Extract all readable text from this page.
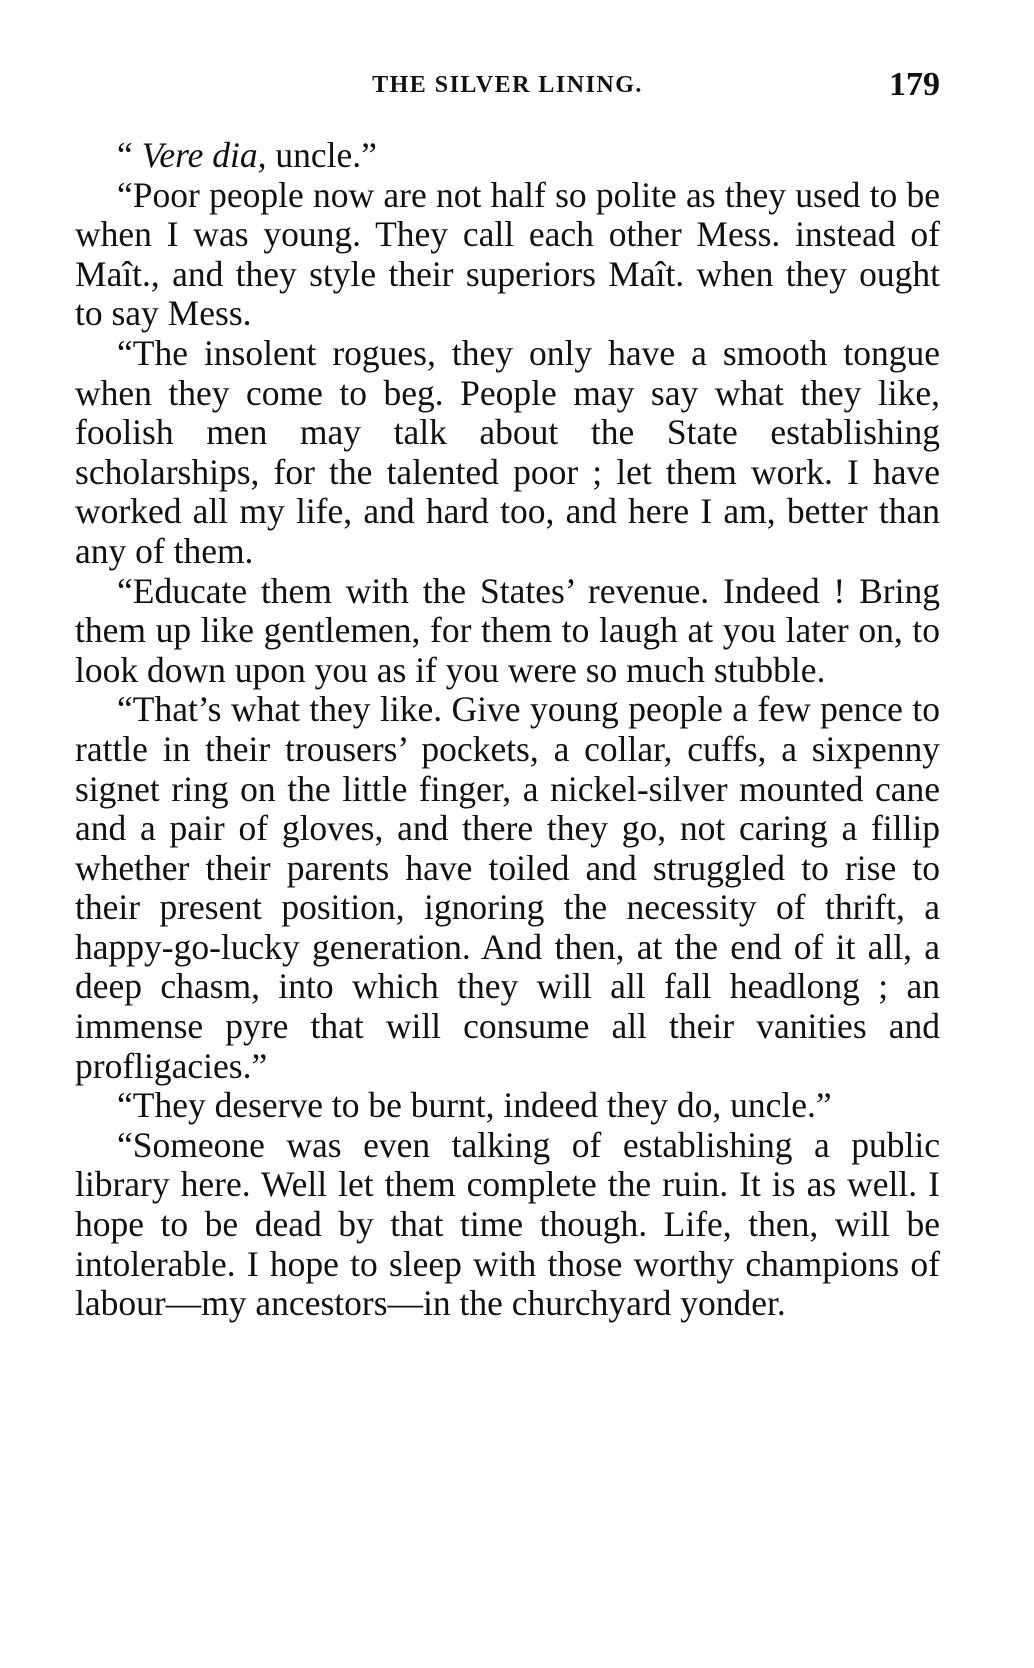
THE SILVER LINING.	179

“ Vere dia, uncle.”

“Poor people now are not half so polite as they used to be when I was young. They call each other Mess. instead of Maît., and they style their superiors Maît. when they ought to say Mess.

“The insolent rogues, they only have a smooth tongue when they come to beg. People may say what they like, foolish men may talk about the State establishing scholarships, for the talented poor ; let them work. I have worked all my life, and hard too, and here I am, better than any of them.

“Educate them with the States’ revenue. Indeed ! Bring them up like gentlemen, for them to laugh at you later on, to look down upon you as if you were so much stubble.

“That’s what they like. Give young people a few pence to rattle in their trousers’ pockets, a collar, cuffs, a sixpenny signet ring on the little finger, a nickel-silver mounted cane and a pair of gloves, and there they go, not caring a fillip whether their parents have toiled and struggled to rise to their present position, ignoring the necessity of thrift, a happy-go-lucky generation. And then, at the end of it all, a deep chasm, into which they will all fall headlong ; an immense pyre that will consume all their vanities and profligacies.”

“They deserve to be burnt, indeed they do, uncle.”

“Someone was even talking of establishing a public library here. Well let them complete the ruin. It is as well. I hope to be dead by that time though. Life, then, will be intolerable. I hope to sleep with those worthy champions of labour—my ancestors—in the churchyard yonder.
